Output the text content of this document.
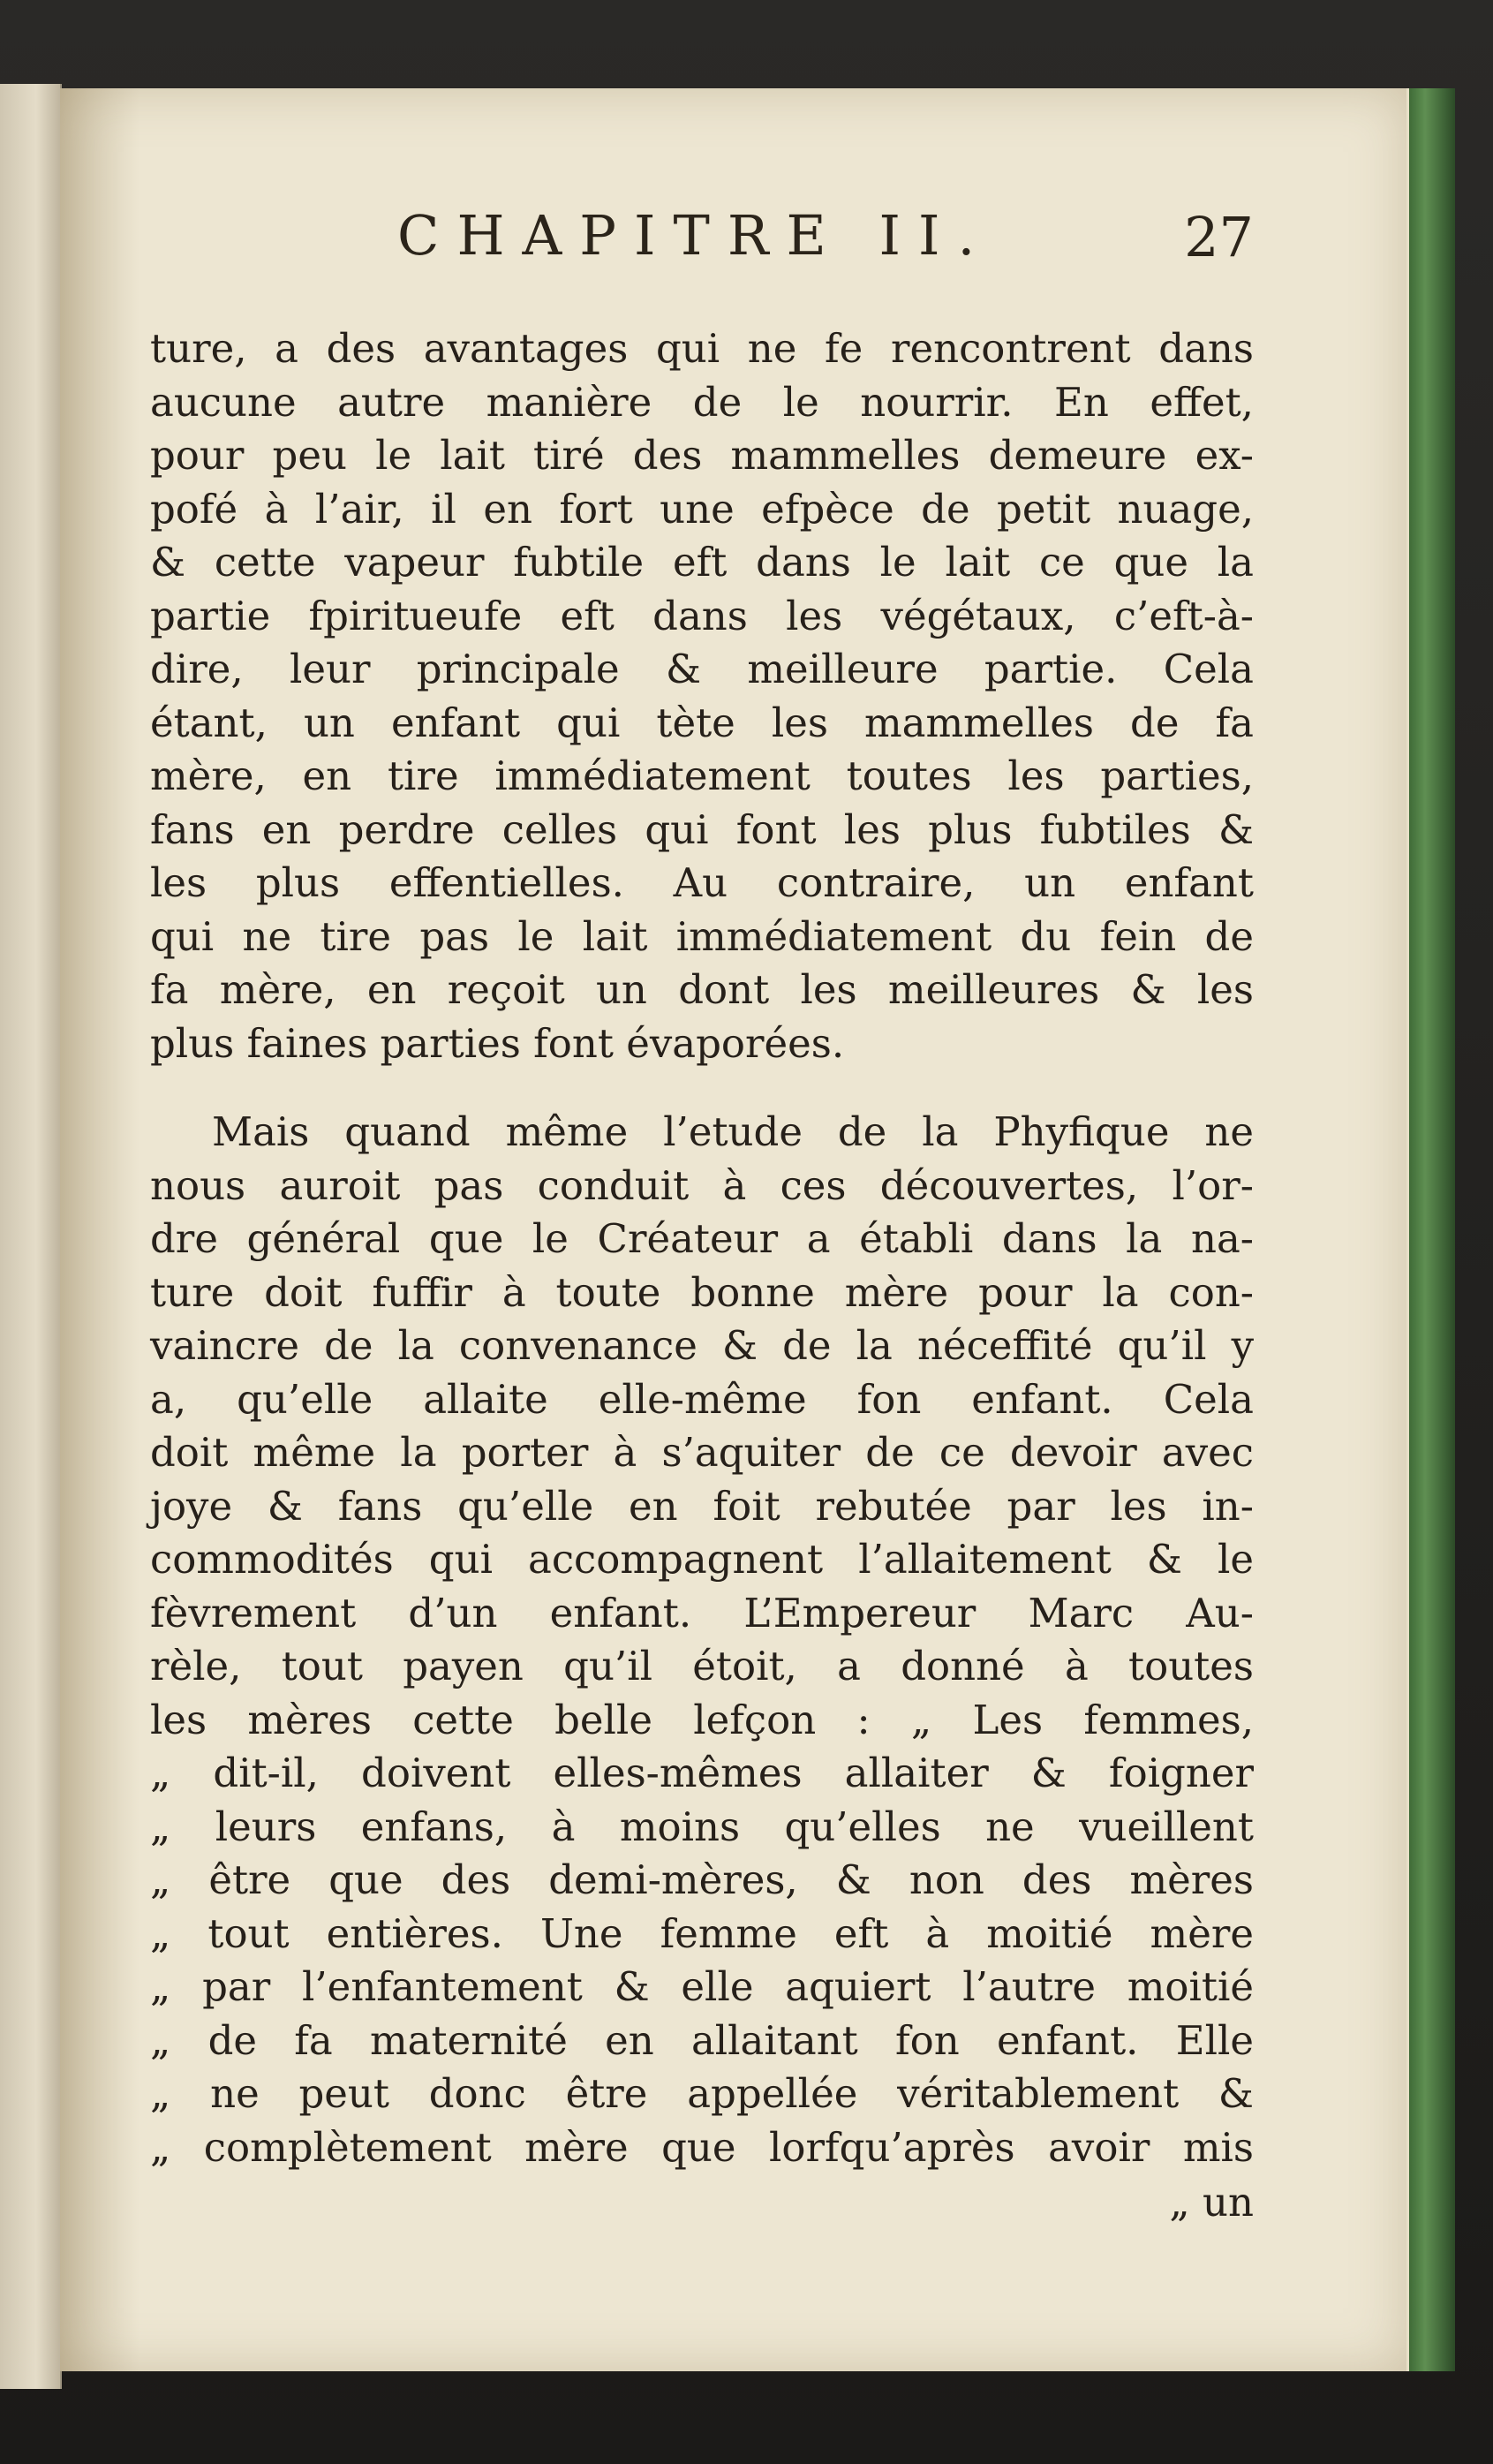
CHAPITRE II.	27
ture, a des avantages qui ne fe rencontrent dans
aucune autre manière de le nourrir. En effet,
pour peu le lait tiré des mammelles demeure ex-
pofé à l’air, il en fort une efpèce de petit nuage,
& cette vapeur fubtile eft dans le lait ce que la
partie fpiritueufe eft dans les végétaux, c’eft-à-
dire, leur principale & meilleure partie. Cela
étant, un enfant qui tète les mammelles de fa
mère, en tire immédiatement toutes les parties,
fans en perdre celles qui font les plus fubtiles &
les plus effentielles. Au contraire, un enfant
qui ne tire pas le lait immédiatement du fein de
fa mère, en reçoit un dont les meilleures & les
plus faines parties font évaporées.
Mais quand même l’etude de la Phyfique ne
nous auroit pas conduit à ces découvertes, l’or-
dre général que le Créateur a établi dans la na-
ture doit fuffir à toute bonne mère pour la con-
vaincre de la convenance & de la néceffité qu’il y
a, qu’elle allaite elle-même fon enfant. Cela
doit même la porter à s’aquiter de ce devoir avec
joye & fans qu’elle en foit rebutée par les in-
commodités qui accompagnent l’allaitement & le
fèvrement d’un enfant. L’Empereur Marc Au-
rèle, tout payen qu’il étoit, a donné à toutes
les mères cette belle lefçon : „ Les femmes,
„ dit-il, doivent elles-mêmes allaiter & foigner
„ leurs enfans, à moins qu’elles ne vueillent
„ être que des demi-mères, & non des mères
„ tout entières. Une femme eft à moitié mère
„ par l’enfantement & elle aquiert l’autre moitié
„ de fa maternité en allaitant fon enfant. Elle
„ ne peut donc être appellée véritablement &
„ complètement mère que lorfqu’après avoir mis
„ un
